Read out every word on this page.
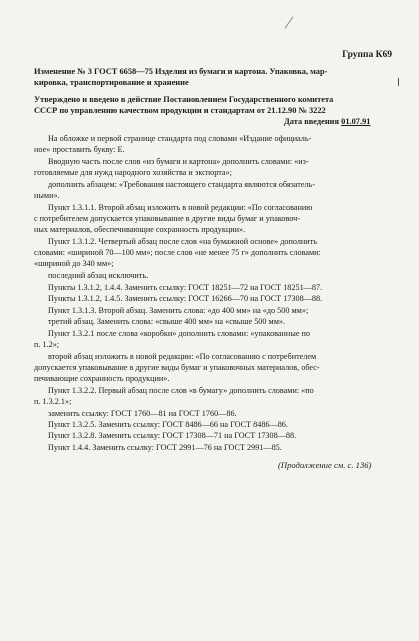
Группа К69
Изменение № 3 ГОСТ 6658—75 Изделия из бумаги и картона. Упаковка, мар-
кировка, транспортирование и хранение
Утверждено и введено в действие Постановлением Государственного комитета
СССР по управлению качеством продукции и стандартам от 21.12.90 № 3222
Дата введения 01.07.91
На обложке и первой странице стандарта под словами «Издание официаль-
ное» проставить букву: Е.
Вводную часть после слов «из бумаги и картона» дополнить словами: «из-
готовляемые для нужд народного хозяйства и экспорта»;
дополнить абзацем: «Требования настоящего стандарта являются обязатель-
ными».
Пункт 1.3.1.1. Второй абзац изложить в новой редакции: «По согласованию
с потребителем допускается упаковывание в другие виды бумаг и упаковоч-
ных материалов, обеспечивающие сохранность продукции».
Пункт 1.3.1.2. Четвертый абзац после слов «на бумажной основе» дополнить
словами: «шириной 70—100 мм»; после слов «не менее 75 г» дополнить словами:
«шириной до 340 мм»;
последний абзац исключить.
Пункты 1.3.1.2, 1.4.4. Заменить ссылку: ГОСТ 18251—72 на ГОСТ 18251—87.
Пункты 1.3.1.2, 1.4.5. Заменить ссылку: ГОСТ 16266—70 на ГОСТ 17308—88.
Пункт 1.3.1.3. Второй абзац. Заменить слова: «до 400 мм» на «до 500 мм»;
третий абзац. Заменить слова: «свыше 400 мм» на «свыше 500 мм».
Пункт 1.3.2.1 после слова «коробки» дополнить словами: «упакованные по
п. 1.2»;
второй абзац изложить в новой редакции: «По согласованию с потребителем
допускается упаковывание в другие виды бумаг и упаковочных материалов, обес-
печивающие сохранность продукции».
Пункт 1.3.2.2. Первый абзац после слов «в бумагу» дополнить словами: «по
п. 1.3.2.1»;
заменить ссылку: ГОСТ 1760—81 на ГОСТ 1760—86.
Пункт 1.3.2.5. Заменить ссылку: ГОСТ 8486—66 на ГОСТ 8486—86.
Пункт 1.3.2.8. Заменить ссылку: ГОСТ 17308—71 на ГОСТ 17308—88.
Пункт 1.4.4. Заменить ссылку: ГОСТ 2991—76 на ГОСТ 2991—85.
(Продолжение см. с. 136)
